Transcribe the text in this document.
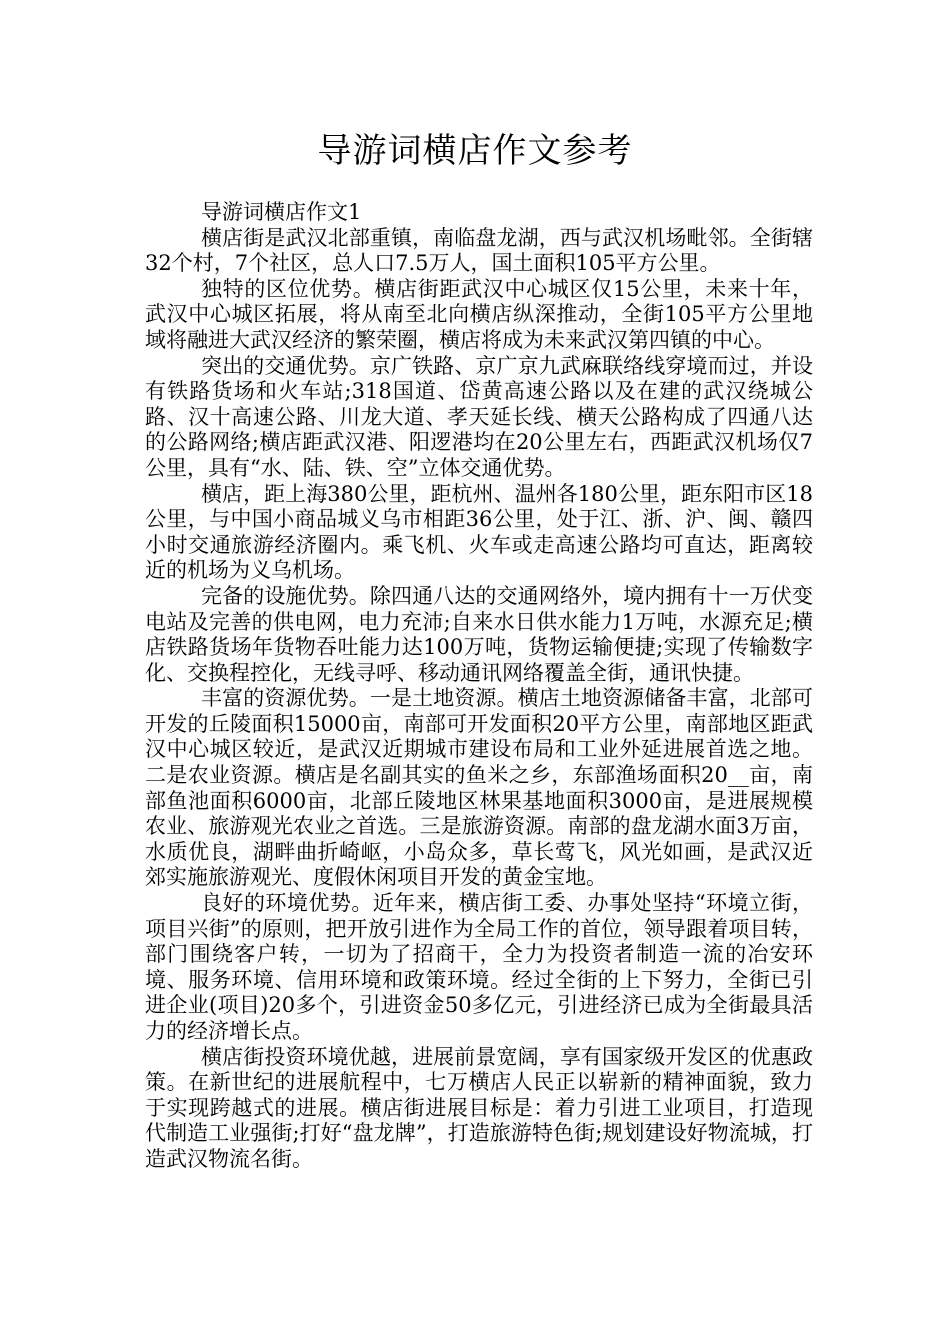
导游词横店作文参考

导游词横店作文1

横店街是武汉北部重镇，南临盘龙湖，西与武汉机场毗邻。全街辖32个村，7个社区，总人口7.5万人，国土面积105平方公里。

独特的区位优势。横店街距武汉中心城区仅15公里，未来十年，武汉中心城区拓展，将从南至北向横店纵深推动，全街105平方公里地域将融进大武汉经济的繁荣圈，横店将成为未来武汉第四镇的中心。

突出的交通优势。京广铁路、京广京九武麻联络线穿境而过，并设有铁路货场和火车站;318国道、岱黄高速公路以及在建的武汉绕城公路、汉十高速公路、川龙大道、孝天延长线、横天公路构成了四通八达的公路网络;横店距武汉港、阳逻港均在20公里左右，西距武汉机场仅7公里，具有“水、陆、铁、空”立体交通优势。

横店，距上海380公里，距杭州、温州各180公里，距东阳市区18公里，与中国小商品城义乌市相距36公里，处于江、浙、沪、闽、赣四小时交通旅游经济圈内。乘飞机、火车或走高速公路均可直达，距离较近的机场为义乌机场。

完备的设施优势。除四通八达的交通网络外，境内拥有十一万伏变电站及完善的供电网，电力充沛;自来水日供水能力1万吨，水源充足;横店铁路货场年货物吞吐能力达100万吨，货物运输便捷;实现了传输数字化、交换程控化，无线寻呼、移动通讯网络覆盖全街，通讯快捷。

丰富的资源优势。一是土地资源。横店土地资源储备丰富，北部可开发的丘陵面积15000亩，南部可开发面积20平方公里，南部地区距武汉中心城区较近，是武汉近期城市建设布局和工业外延进展首选之地。二是农业资源。横店是名副其实的鱼米之乡，东部渔场面积20__亩，南部鱼池面积6000亩，北部丘陵地区林果基地面积3000亩，是进展规模农业、旅游观光农业之首选。三是旅游资源。南部的盘龙湖水面3万亩，水质优良，湖畔曲折崎岖，小岛众多，草长莺飞，风光如画，是武汉近郊实施旅游观光、度假休闲项目开发的黄金宝地。

良好的环境优势。近年来，横店街工委、办事处坚持“环境立街，项目兴街”的原则，把开放引进作为全局工作的首位，领导跟着项目转，部门围绕客户转，一切为了招商干，全力为投资者制造一流的冶安环境、服务环境、信用环境和政策环境。经过全街的上下努力，全街已引进企业(项目)20多个，引进资金50多亿元，引进经济已成为全街最具活力的经济增长点。

横店街投资环境优越，进展前景宽阔，享有国家级开发区的优惠政策。在新世纪的进展航程中，七万横店人民正以崭新的精神面貌，致力于实现跨越式的进展。横店街进展目标是：着力引进工业项目，打造现代制造工业强街;打好“盘龙牌”，打造旅游特色街;规划建设好物流城，打造武汉物流名街。
